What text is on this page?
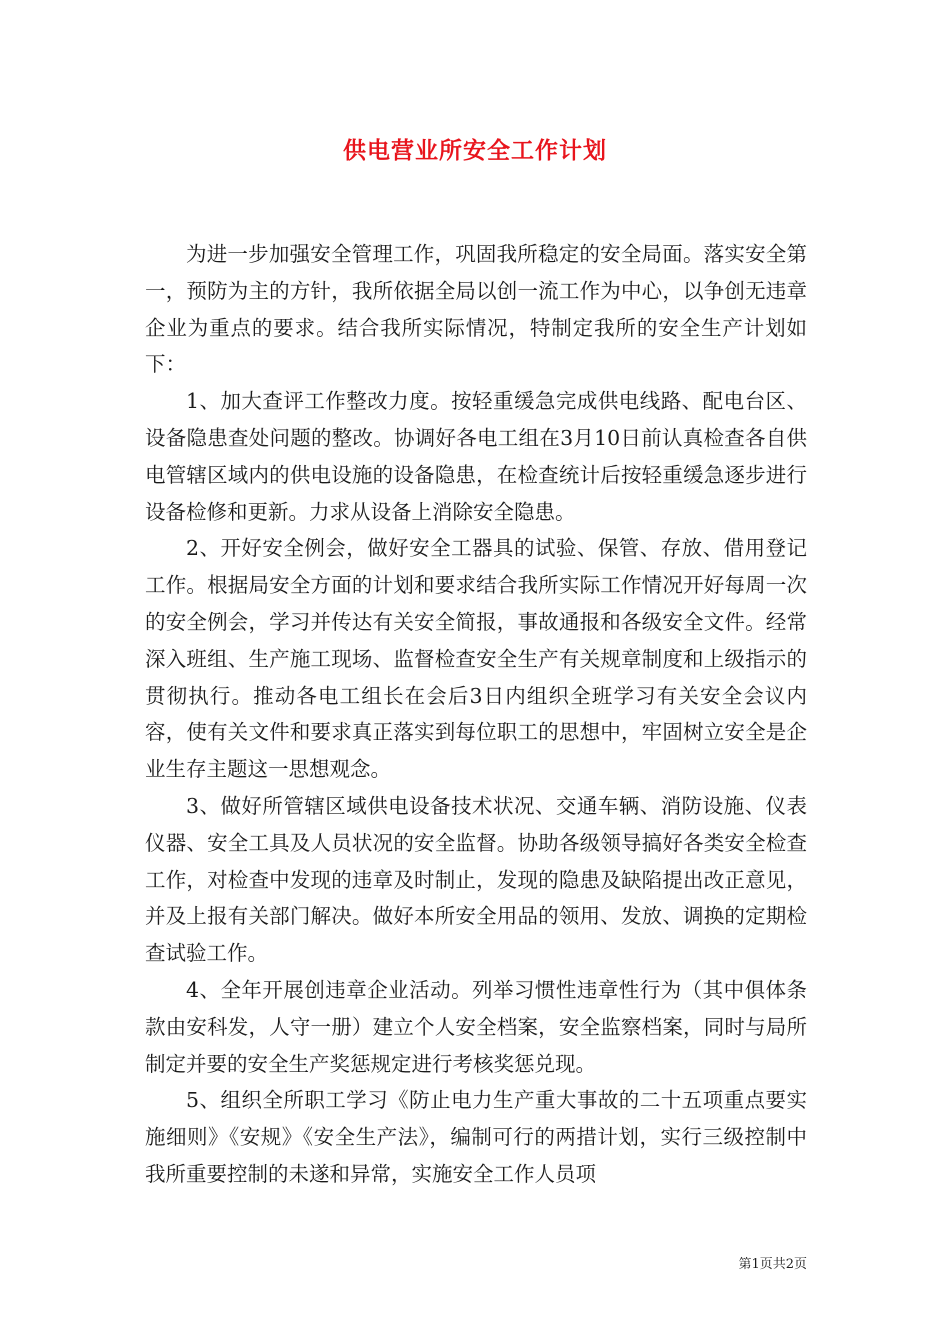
供电营业所安全工作计划

为进一步加强安全管理工作，巩固我所稳定的安全局面。落实安全第一，预防为主的方针，我所依据全局以创一流工作为中心，以争创无违章企业为重点的要求。结合我所实际情况，特制定我所的安全生产计划如下：

1、加大查评工作整改力度。按轻重缓急完成供电线路、配电台区、设备隐患查处问题的整改。协调好各电工组在3月10日前认真检查各自供电管辖区域内的供电设施的设备隐患，在检查统计后按轻重缓急逐步进行设备检修和更新。力求从设备上消除安全隐患。

2、开好安全例会，做好安全工器具的试验、保管、存放、借用登记工作。根据局安全方面的计划和要求结合我所实际工作情况开好每周一次的安全例会，学习并传达有关安全简报，事故通报和各级安全文件。经常深入班组、生产施工现场、监督检查安全生产有关规章制度和上级指示的贯彻执行。推动各电工组长在会后3日内组织全班学习有关安全会议内容，使有关文件和要求真正落实到每位职工的思想中，牢固树立安全是企业生存主题这一思想观念。

3、做好所管辖区域供电设备技术状况、交通车辆、消防设施、仪表仪器、安全工具及人员状况的安全监督。协助各级领导搞好各类安全检查工作，对检查中发现的违章及时制止，发现的隐患及缺陷提出改正意见，并及上报有关部门解决。做好本所安全用品的领用、发放、调换的定期检查试验工作。

4、全年开展创违章企业活动。列举习惯性违章性行为（其中俱体条款由安科发，人守一册）建立个人安全档案，安全监察档案，同时与局所制定并要的安全生产奖惩规定进行考核奖惩兑现。

5、组织全所职工学习《防止电力生产重大事故的二十五项重点要实施细则》《安规》《安全生产法》，编制可行的两措计划，实行三级控制中我所重要控制的未遂和异常，实施安全工作人员项

第1页共2页
